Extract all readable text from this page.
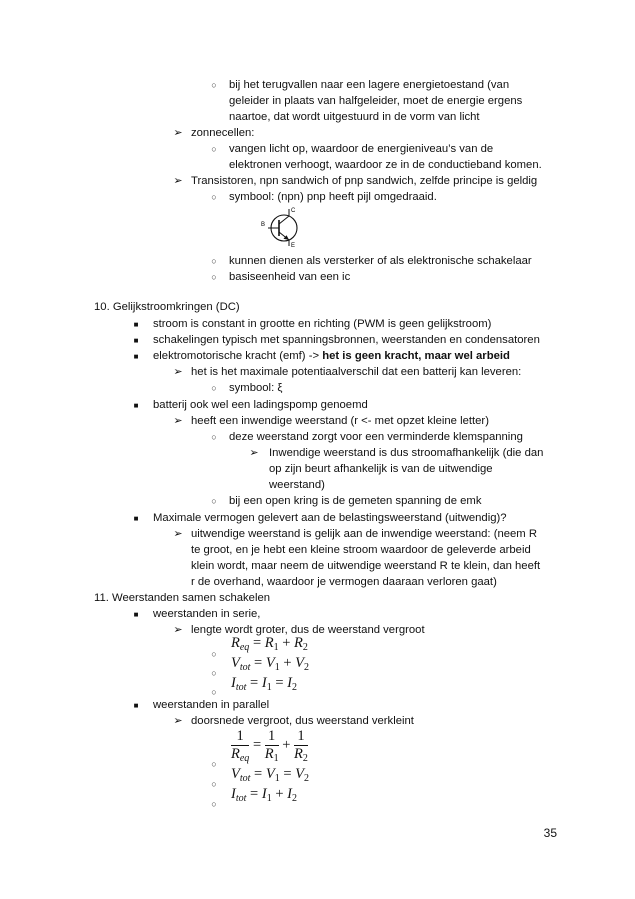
○ bij het terugvallen naar een lagere energietoestand (van
geleider in plaats van halfgeleider, moet de energie ergens
naartoe, dat wordt uitgestuurd in de vorm van licht
➢ zonnecellen:
○ vangen licht op, waardoor de energieniveau’s van de
elektronen verhoogt, waardoor ze in de conductieband komen.
➢ Transistoren, npn sandwich of pnp sandwich, zelfde principe is geldig
○ symbool: (npn) pnp heeft pijl omgedraaid.
C
B
E
○ kunnen dienen als versterker of als elektronische schakelaar
○ basiseenheid van een ic
10. Gelijkstroomkringen (DC)
■	stroom is constant in grootte en richting (PWM is geen gelijkstroom)
■	schakelingen typisch met spanningsbronnen, weerstanden en condensatoren
■	elektromotorische kracht (emf) -> het is geen kracht, maar wel arbeid
➢ het is het maximale potentiaalverschil dat een batterij kan leveren:
○ symbool: ξ
■	batterij ook wel een ladingspomp genoemd
➢ heeft een inwendige weerstand (r <- met opzet kleine letter)
○ deze weerstand zorgt voor een verminderde klemspanning
➢ Inwendige weerstand is dus stroomafhankelijk (die dan
op zijn beurt afhankelijk is van de uitwendige
weerstand)
○ bij een open kring is de gemeten spanning de emk
■	Maximale vermogen gelevert aan de belastingsweerstand (uitwendig)?
➢ uitwendige weerstand is gelijk aan de inwendige weerstand: (neem R
te groot, en je hebt een kleine stroom waardoor de geleverde arbeid
klein wordt, maar neem de uitwendige weerstand R te klein, dan heeft
r de overhand, waardoor je vermogen daaraan verloren gaat)
11. Weerstanden samen schakelen
■	weerstanden in serie,
➢ lengte wordt groter, dus de weerstand vergroot
○
$R_{eq} = R_1 + R_2$
○
$V_{tot} = V_1 + V_2$
○
$I_{tot} = I_1 = I_2$
■	weerstanden in parallel
➢ doorsnede vergroot, dus weerstand verkleint
$\frac{1}{R_{eq}} = \frac{1}{R_1} + \frac{1}{R_2}$
○
○
$V_{tot} = V_1 = V_2$
○
$I_{tot} = I_1 + I_2$
35
